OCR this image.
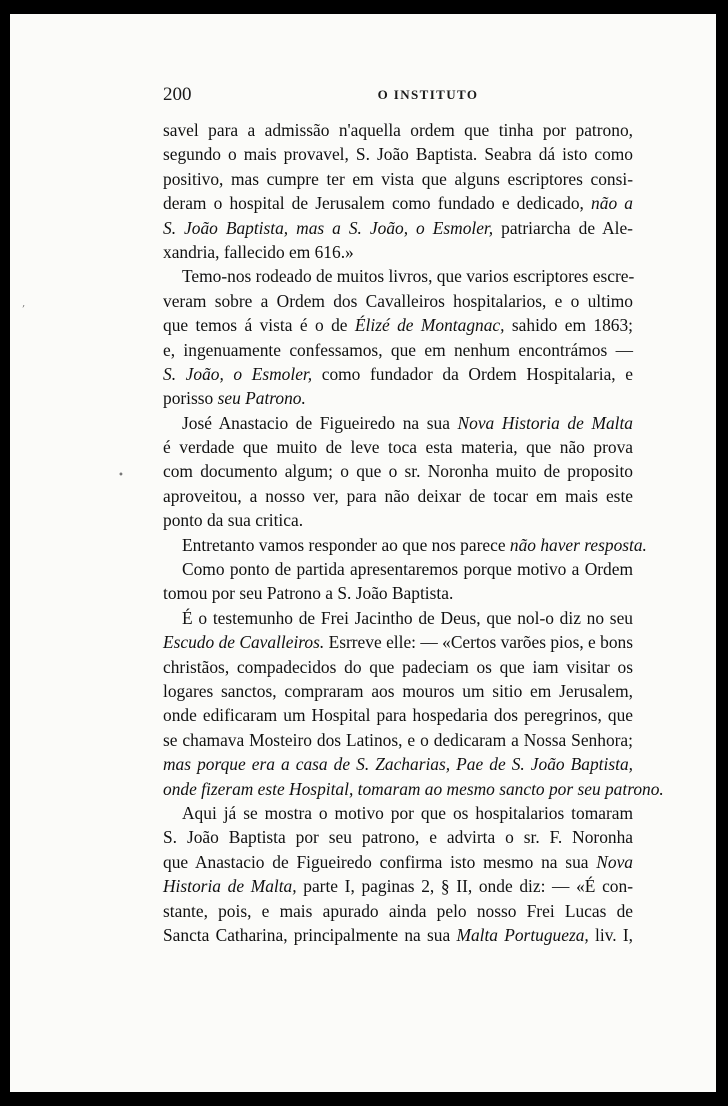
200	O INSTITUTO
savel para a admissão n'aquella ordem que tinha por patrono,
segundo o mais provavel, S. João Baptista. Seabra dá isto como
positivo, mas cumpre ter em vista que alguns escriptores consi-
deram o hospital de Jerusalem como fundado e dedicado, não a
S. João Baptista, mas a S. João, o Esmoler, patriarcha de Ale-
xandria, fallecido em 616.»
Temo-nos rodeado de muitos livros, que varios escriptores escre-
veram sobre a Ordem dos Cavalleiros hospitalarios, e o ultimo
que temos á vista é o de Élizé de Montagnac, sahido em 1863;
e, ingenuamente confessamos, que em nenhum encontrámos —
S. João, o Esmoler, como fundador da Ordem Hospitalaria, e
porisso seu Patrono.
José Anastacio de Figueiredo na sua Nova Historia de Malta
é verdade que muito de leve toca esta materia, que não prova
com documento algum; o que o sr. Noronha muito de proposito
aproveitou, a nosso ver, para não deixar de tocar em mais este
ponto da sua critica.
Entretanto vamos responder ao que nos parece não haver resposta.
Como ponto de partida apresentaremos porque motivo a Ordem
tomou por seu Patrono a S. João Baptista.
É o testemunho de Frei Jacintho de Deus, que nol-o diz no seu
Escudo de Cavalleiros. Esrreve elle: — «Certos varões pios, e bons
christãos, compadecidos do que padeciam os que iam visitar os
logares sanctos, compraram aos mouros um sitio em Jerusalem,
onde edificaram um Hospital para hospedaria dos peregrinos, que
se chamava Mosteiro dos Latinos, e o dedicaram a Nossa Senhora;
mas porque era a casa de S. Zacharias, Pae de S. João Baptista,
onde fizeram este Hospital, tomaram ao mesmo sancto por seu patrono.
Aqui já se mostra o motivo por que os hospitalarios tomaram
S. João Baptista por seu patrono, e advirta o sr. F. Noronha
que Anastacio de Figueiredo confirma isto mesmo na sua Nova
Historia de Malta, parte I, paginas 2, § II, onde diz: — «É con-
stante, pois, e mais apurado ainda pelo nosso Frei Lucas de
Sancta Catharina, principalmente na sua Malta Portugueza, liv. I,
‚
•
